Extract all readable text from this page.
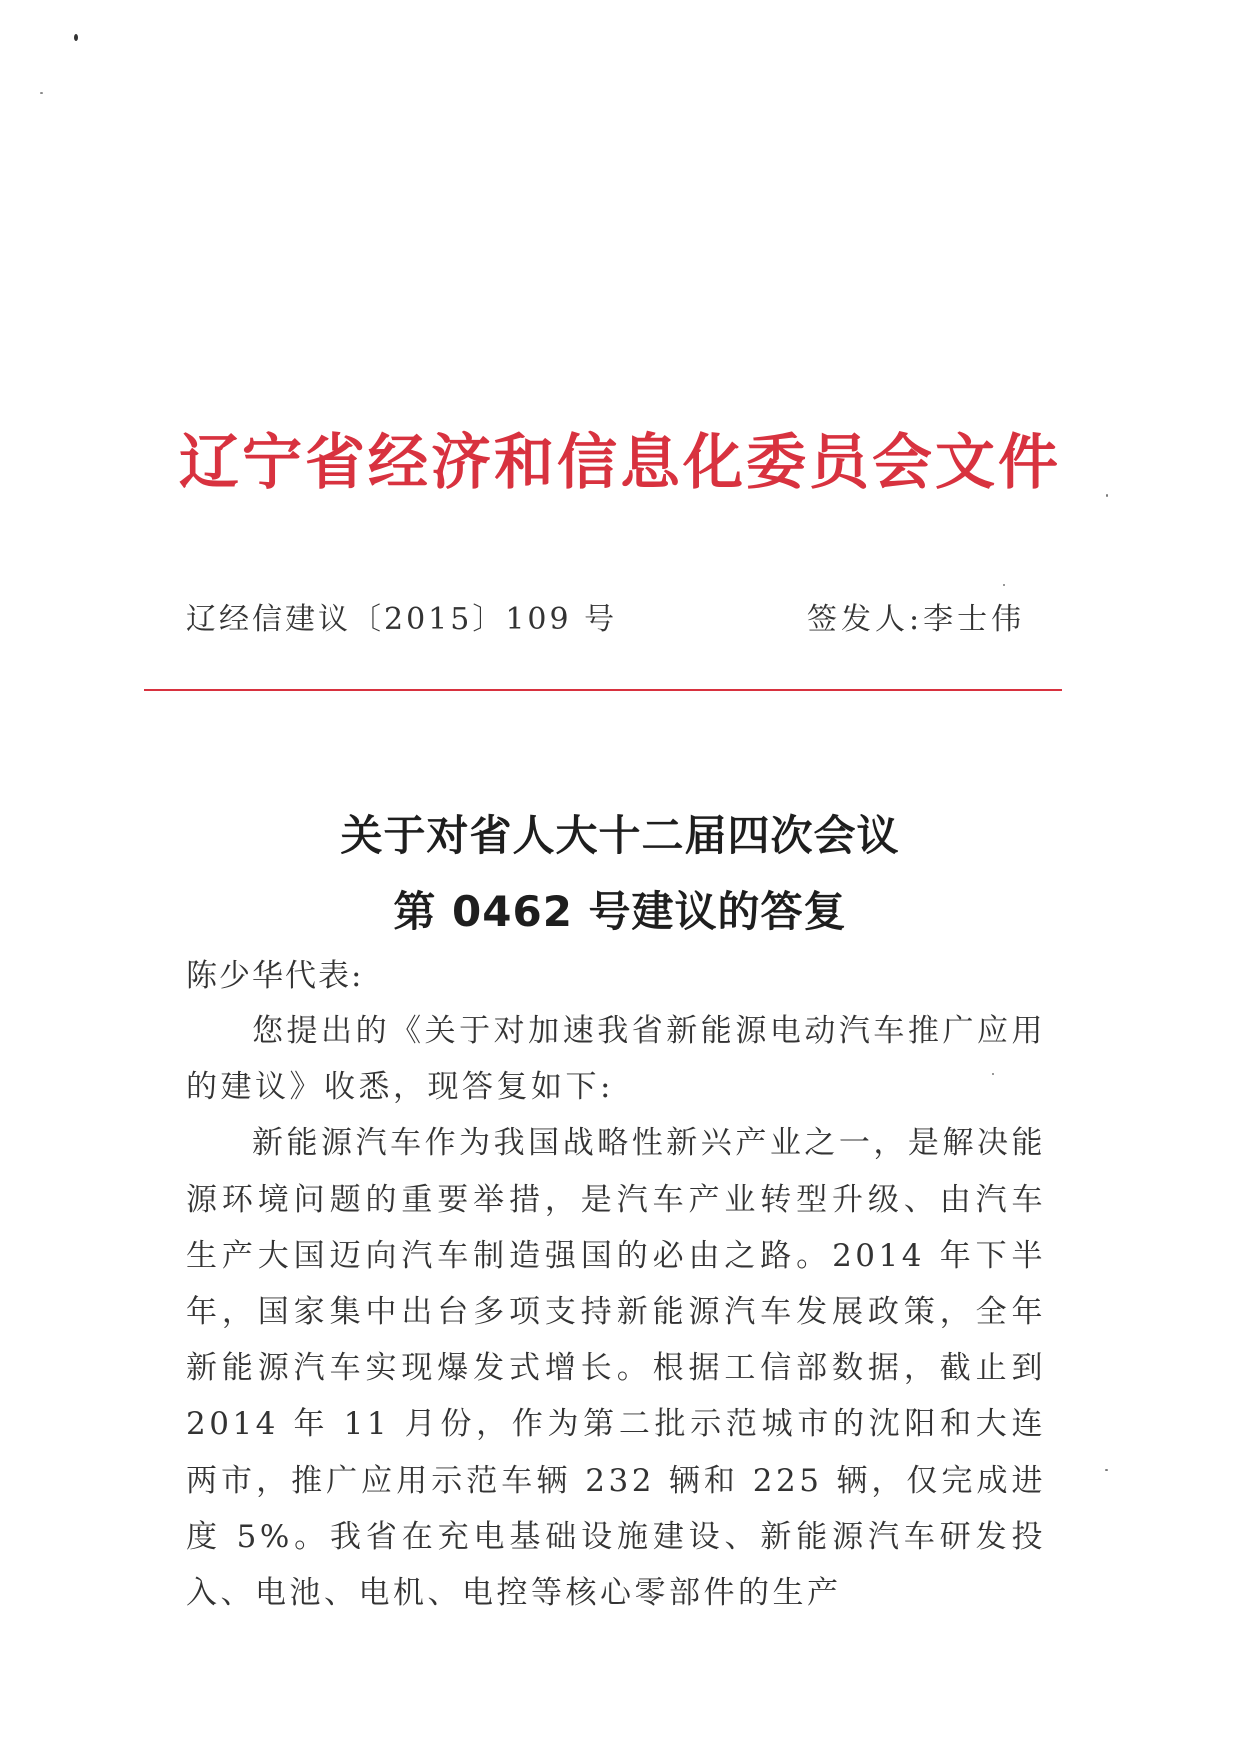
辽宁省经济和信息化委员会文件
辽经信建议〔2015〕109 号	签发人:李士伟
关于对省人大十二届四次会议
第 0462 号建议的答复
陈少华代表:

您提出的《关于对加速我省新能源电动汽车推广应用的建议》收悉，现答复如下:

新能源汽车作为我国战略性新兴产业之一，是解决能源环境问题的重要举措，是汽车产业转型升级、由汽车生产大国迈向汽车制造强国的必由之路。2014 年下半年，国家集中出台多项支持新能源汽车发展政策，全年新能源汽车实现爆发式增长。根据工信部数据，截止到 2014 年 11 月份，作为第二批示范城市的沈阳和大连两市，推广应用示范车辆 232 辆和 225 辆，仅完成进度 5%。我省在充电基础设施建设、新能源汽车研发投入、电池、电机、电控等核心零部件的生产
